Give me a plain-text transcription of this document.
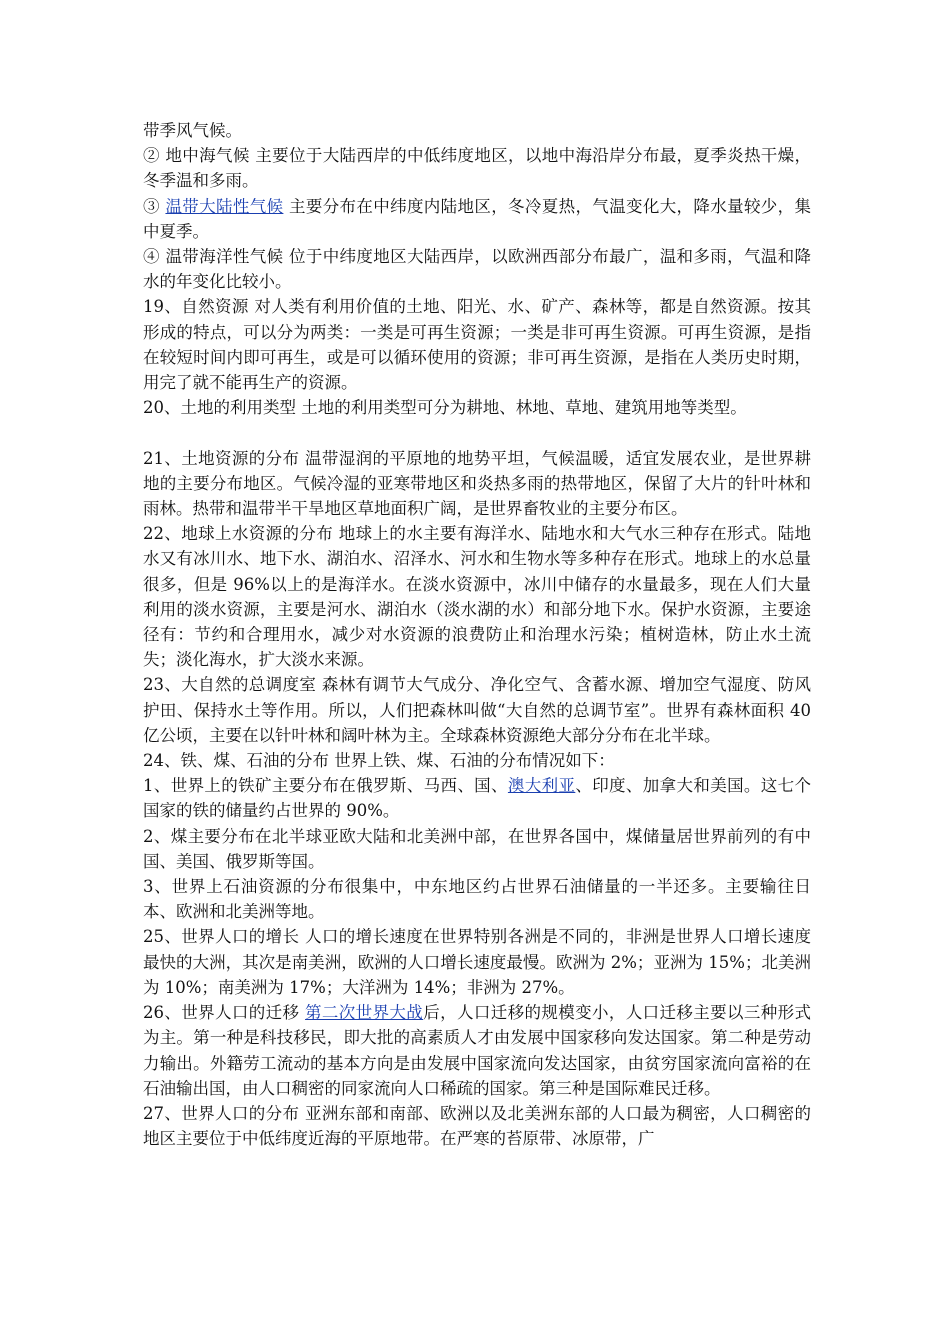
带季风气候。

② 地中海气候 主要位于大陆西岸的中低纬度地区，以地中海沿岸分布最，夏季炎热干燥，冬季温和多雨。

③ 温带大陆性气候 主要分布在中纬度内陆地区，冬冷夏热，气温变化大，降水量较少，集中夏季。

④ 温带海洋性气候 位于中纬度地区大陆西岸，以欧洲西部分布最广，温和多雨，气温和降水的年变化比较小。

19、自然资源 对人类有利用价值的土地、阳光、水、矿产、森林等，都是自然资源。按其形成的特点，可以分为两类：一类是可再生资源；一类是非可再生资源。可再生资源，是指在较短时间内即可再生，或是可以循环使用的资源；非可再生资源，是指在人类历史时期，用完了就不能再生产的资源。

20、土地的利用类型 土地的利用类型可分为耕地、林地、草地、建筑用地等类型。

21、土地资源的分布 温带湿润的平原地的地势平坦，气候温暖，适宜发展农业，是世界耕地的主要分布地区。气候冷湿的亚寒带地区和炎热多雨的热带地区，保留了大片的针叶林和雨林。热带和温带半干旱地区草地面积广阔，是世界畜牧业的主要分布区。

22、地球上水资源的分布 地球上的水主要有海洋水、陆地水和大气水三种存在形式。陆地水又有冰川水、地下水、湖泊水、沼泽水、河水和生物水等多种存在形式。地球上的水总量很多，但是 96%以上的是海洋水。在淡水资源中，冰川中储存的水量最多，现在人们大量利用的淡水资源，主要是河水、湖泊水（淡水湖的水）和部分地下水。保护水资源，主要途径有：节约和合理用水，减少对水资源的浪费防止和治理水污染；植树造林，防止水土流失；淡化海水，扩大淡水来源。

23、大自然的总调度室 森林有调节大气成分、净化空气、含蓄水源、增加空气湿度、防风护田、保持水土等作用。所以，人们把森林叫做“大自然的总调节室”。世界有森林面积 40 亿公顷，主要在以针叶林和阔叶林为主。全球森林资源绝大部分分布在北半球。

24、铁、煤、石油的分布 世界上铁、煤、石油的分布情况如下：

1、世界上的铁矿主要分布在俄罗斯、马西、国、澳大利亚、印度、加拿大和美国。这七个国家的铁的储量约占世界的 90%。

2、煤主要分布在北半球亚欧大陆和北美洲中部，在世界各国中，煤储量居世界前列的有中国、美国、俄罗斯等国。

3、世界上石油资源的分布很集中，中东地区约占世界石油储量的一半还多。主要输往日本、欧洲和北美洲等地。

25、世界人口的增长 人口的增长速度在世界特别各洲是不同的，非洲是世界人口增长速度最快的大洲，其次是南美洲，欧洲的人口增长速度最慢。欧洲为 2%；亚洲为 15%；北美洲为 10%；南美洲为 17%；大洋洲为 14%；非洲为 27%。

26、世界人口的迁移 第二次世界大战后，人口迁移的规模变小，人口迁移主要以三种形式为主。第一种是科技移民，即大批的高素质人才由发展中国家移向发达国家。第二种是劳动力输出。外籍劳工流动的基本方向是由发展中国家流向发达国家，由贫穷国家流向富裕的在石油输出国，由人口稠密的同家流向人口稀疏的国家。第三种是国际难民迁移。

27、世界人口的分布 亚洲东部和南部、欧洲以及北美洲东部的人口最为稠密，人口稠密的地区主要位于中低纬度近海的平原地带。在严寒的苔原带、冰原带，广
